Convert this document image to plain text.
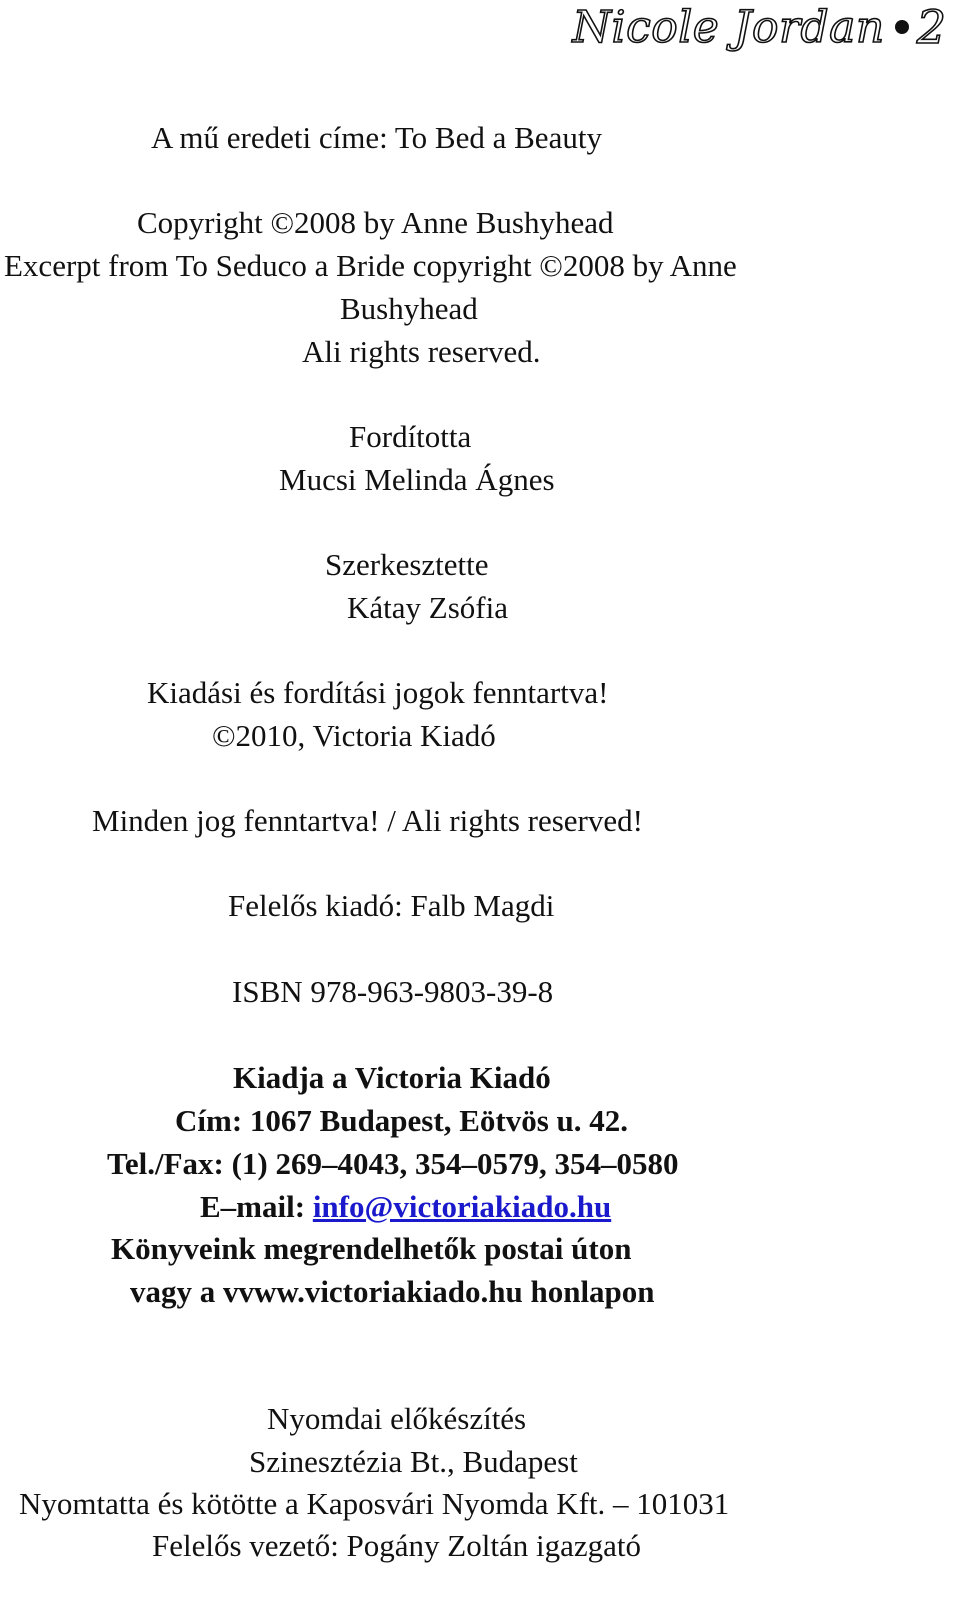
Nicole Jordan 2
A mű eredeti címe: To Bed a Beauty
Copyright ©2008 by Anne Bushyhead
Excerpt from To Seduco a Bride copyright ©2008 by Anne
Bushyhead
Ali rights reserved.
Fordította
Mucsi Melinda Ágnes
Szerkesztette
Kátay Zsófia
Kiadási és fordítási jogok fenntartva!
©2010, Victoria Kiadó
Minden jog fenntartva! / Ali rights reserved!
Felelős kiadó: Falb Magdi
ISBN 978-963-9803-39-8
Kiadja a Victoria Kiadó
Cím: 1067 Budapest, Eötvös u. 42.
Tel./Fax: (1) 269–4043, 354–0579, 354–0580
E–mail: info@victoriakiado.hu
Könyveink megrendelhetők postai úton
vagy a vvww.victoriakiado.hu honlapon
Nyomdai előkészítés
Szinesztézia Bt., Budapest
Nyomtatta és kötötte a Kaposvári Nyomda Kft. – 101031
Felelős vezető: Pogány Zoltán igazgató
